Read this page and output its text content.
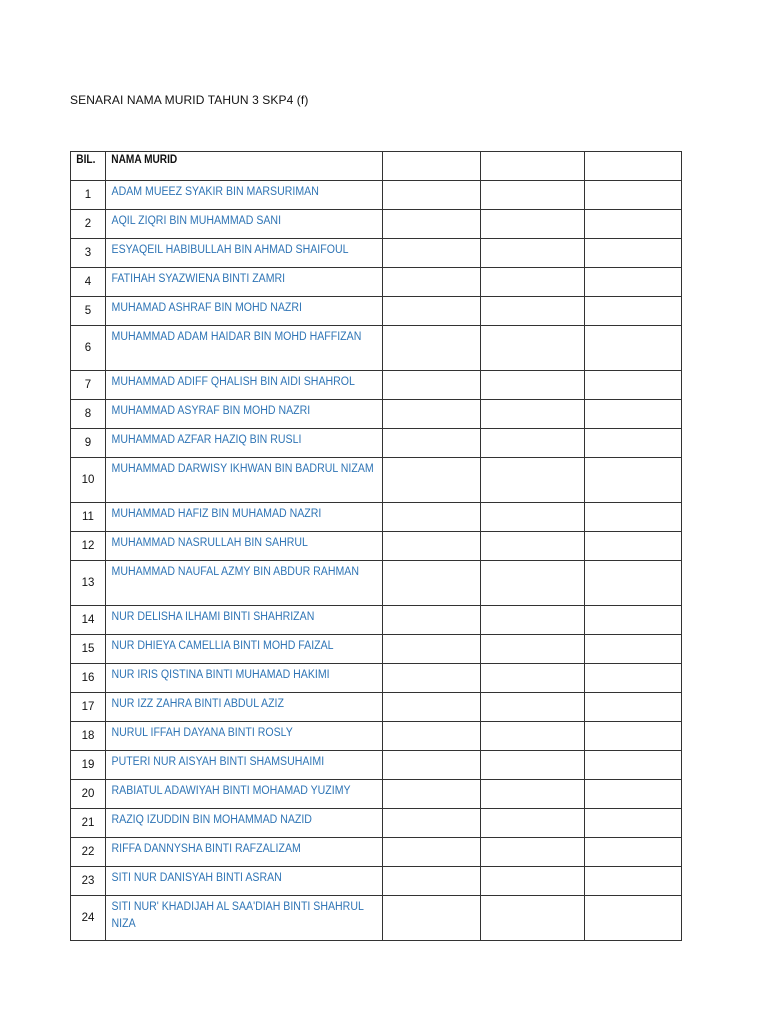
SENARAI NAMA MURID TAHUN 3 SKP4 (f)
BIL.	NAMA MURID			

1	ADAM MUEEZ SYAKIR BIN MARSURIMAN			

2	AQIL ZIQRI BIN MUHAMMAD SANI			

3	ESYAQEIL HABIBULLAH BIN AHMAD SHAIFOUL			

4	FATIHAH SYAZWIENA BINTI ZAMRI			

5	MUHAMAD ASHRAF BIN MOHD NAZRI			

6	MUHAMMAD ADAM HAIDAR BIN MOHD HAFFIZAN			

7	MUHAMMAD ADIFF QHALISH BIN AIDI SHAHROL			

8	MUHAMMAD ASYRAF BIN MOHD NAZRI			

9	MUHAMMAD AZFAR HAZIQ BIN RUSLI			

10	MUHAMMAD DARWISY IKHWAN BIN BADRUL NIZAM			

11	MUHAMMAD HAFIZ BIN MUHAMAD NAZRI			

12	MUHAMMAD NASRULLAH BIN SAHRUL			

13	MUHAMMAD NAUFAL AZMY BIN ABDUR RAHMAN			

14	NUR DELISHA ILHAMI BINTI SHAHRIZAN			

15	NUR DHIEYA CAMELLIA BINTI MOHD FAIZAL			

16	NUR IRIS QISTINA BINTI MUHAMAD HAKIMI			

17	NUR IZZ ZAHRA BINTI ABDUL AZIZ			

18	NURUL IFFAH DAYANA BINTI ROSLY			

19	PUTERI NUR AISYAH BINTI SHAMSUHAIMI			

20	RABIATUL ADAWIYAH BINTI MOHAMAD YUZIMY			

21	RAZIQ IZUDDIN BIN MOHAMMAD NAZID			

22	RIFFA DANNYSHA BINTI RAFZALIZAM			

23	SITI NUR DANISYAH BINTI ASRAN			

24	SITI NUR' KHADIJAH AL SAA'DIAH BINTI SHAHRUL NIZA			
